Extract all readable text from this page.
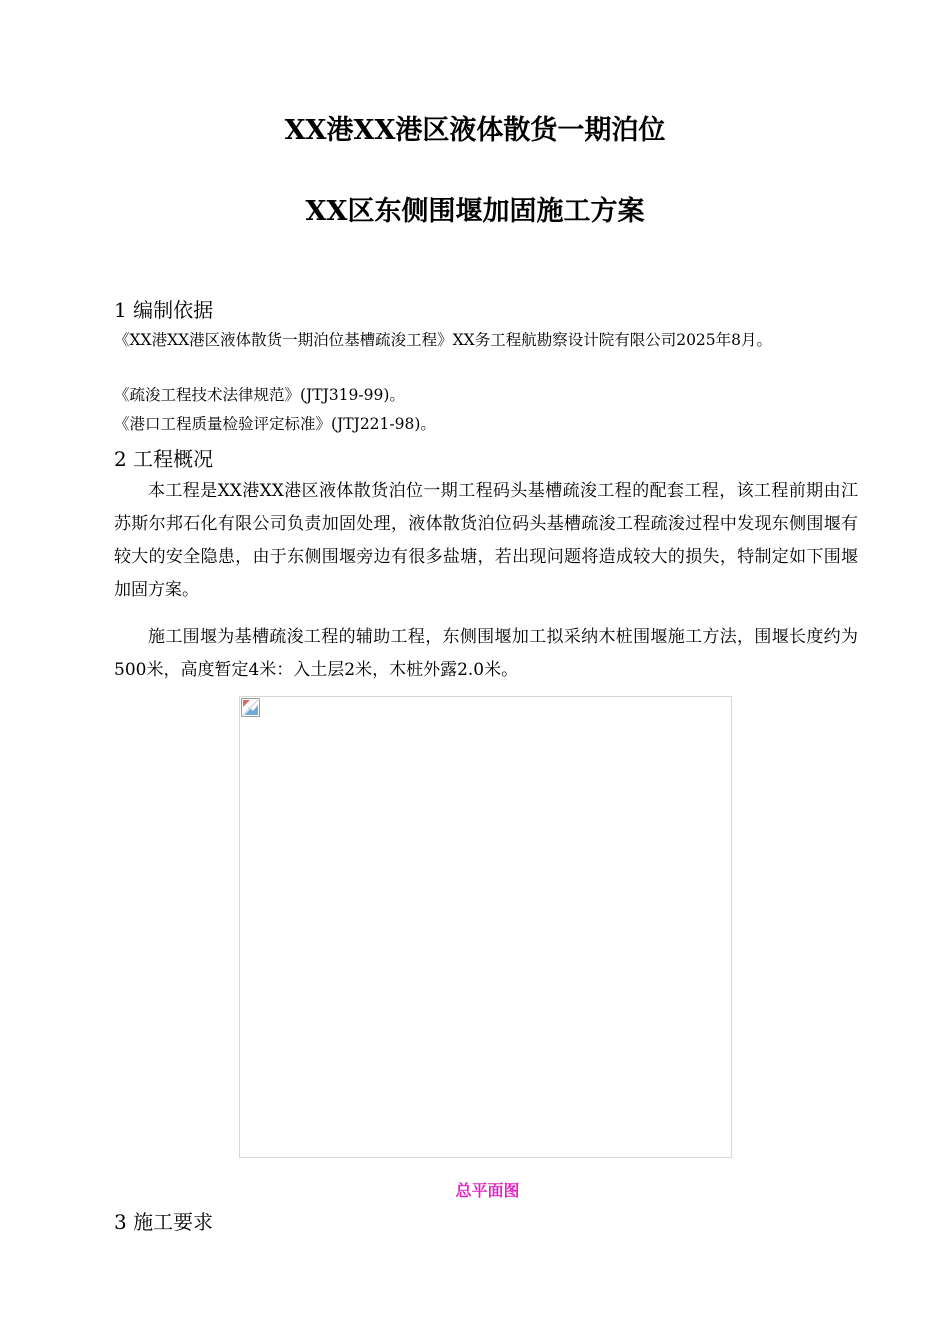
XX港XX港区液体散货一期泊位
XX区东侧围堰加固施工方案
1 编制依据
《XX港XX港区液体散货一期泊位基槽疏浚工程》XX务工程航勘察设计院有限公司2025年8月。
《疏浚工程技术法律规范》(JTJ319-99)。
《港口工程质量检验评定标准》(JTJ221-98)。
2 工程概况
本工程是XX港XX港区液体散货泊位一期工程码头基槽疏浚工程的配套工程，该工程前期由江苏斯尔邦石化有限公司负责加固处理，液体散货泊位码头基槽疏浚工程疏浚过程中发现东侧围堰有较大的安全隐患，由于东侧围堰旁边有很多盐塘，若出现问题将造成较大的损失，特制定如下围堰加固方案。
施工围堰为基槽疏浚工程的辅助工程，东侧围堰加工拟采纳木桩围堰施工方法，围堰长度约为500米，高度暂定4米：入土层2米，木桩外露2.0米。
总平面图
3 施工要求
